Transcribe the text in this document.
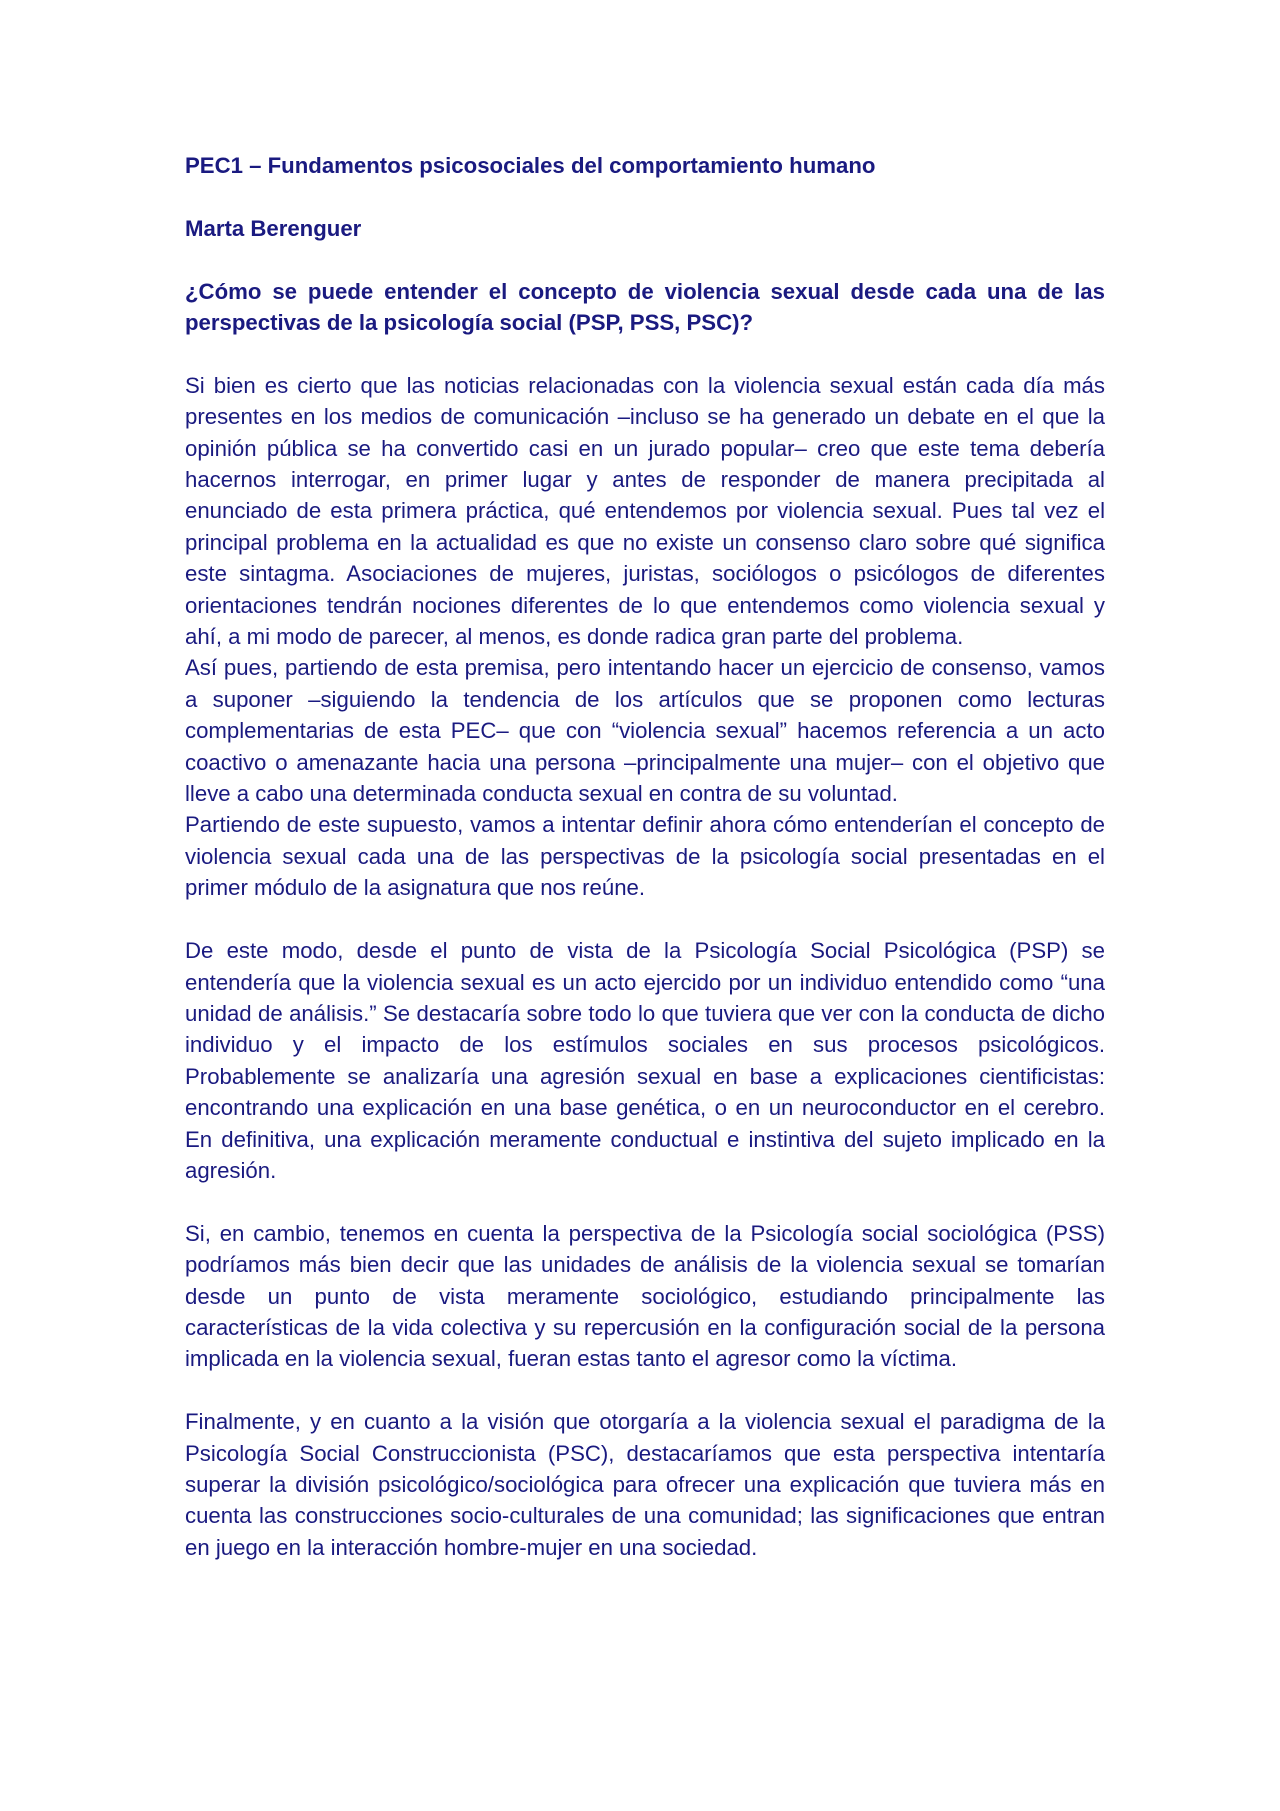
PEC1 – Fundamentos psicosociales del comportamiento humano

Marta Berenguer

¿Cómo se puede entender el concepto de violencia sexual desde cada una de las perspectivas de la psicología social (PSP, PSS, PSC)?

Si bien es cierto que las noticias relacionadas con la violencia sexual están cada día más presentes en los medios de comunicación –incluso se ha generado un debate en el que la opinión pública se ha convertido casi en un jurado popular– creo que este tema debería hacernos interrogar, en primer lugar y antes de responder de manera precipitada al enunciado de esta primera práctica, qué entendemos por violencia sexual. Pues tal vez el principal problema en la actualidad es que no existe un consenso claro sobre qué significa este sintagma. Asociaciones de mujeres, juristas, sociólogos o psicólogos de diferentes orientaciones tendrán nociones diferentes de lo que entendemos como violencia sexual y ahí, a mi modo de parecer, al menos, es donde radica gran parte del problema.

Así pues, partiendo de esta premisa, pero intentando hacer un ejercicio de consenso, vamos a suponer –siguiendo la tendencia de los artículos que se proponen como lecturas complementarias de esta PEC– que con “violencia sexual” hacemos referencia a un acto coactivo o amenazante hacia una persona –principalmente una mujer– con el objetivo que lleve a cabo una determinada conducta sexual en contra de su voluntad.

Partiendo de este supuesto, vamos a intentar definir ahora cómo entenderían el concepto de violencia sexual cada una de las perspectivas de la psicología social presentadas en el primer módulo de la asignatura que nos reúne.

De este modo, desde el punto de vista de la Psicología Social Psicológica (PSP) se entendería que la violencia sexual es un acto ejercido por un individuo entendido como “una unidad de análisis.” Se destacaría sobre todo lo que tuviera que ver con la conducta de dicho individuo y el impacto de los estímulos sociales en sus procesos psicológicos. Probablemente se analizaría una agresión sexual en base a explicaciones cientificistas: encontrando una explicación en una base genética, o en un neuroconductor en el cerebro. En definitiva, una explicación meramente conductual e instintiva del sujeto implicado en la agresión.

Si, en cambio, tenemos en cuenta la perspectiva de la Psicología social sociológica (PSS) podríamos más bien decir que las unidades de análisis de la violencia sexual se tomarían desde un punto de vista meramente sociológico, estudiando principalmente las características de la vida colectiva y su repercusión en la configuración social de la persona implicada en la violencia sexual, fueran estas tanto el agresor como la víctima.

Finalmente, y en cuanto a la visión que otorgaría a la violencia sexual el paradigma de la Psicología Social Construccionista (PSC), destacaríamos que esta perspectiva intentaría superar la división psicológico/sociológica para ofrecer una explicación que tuviera más en cuenta las construcciones socio-culturales de una comunidad; las significaciones que entran en juego en la interacción hombre-mujer en una sociedad.
